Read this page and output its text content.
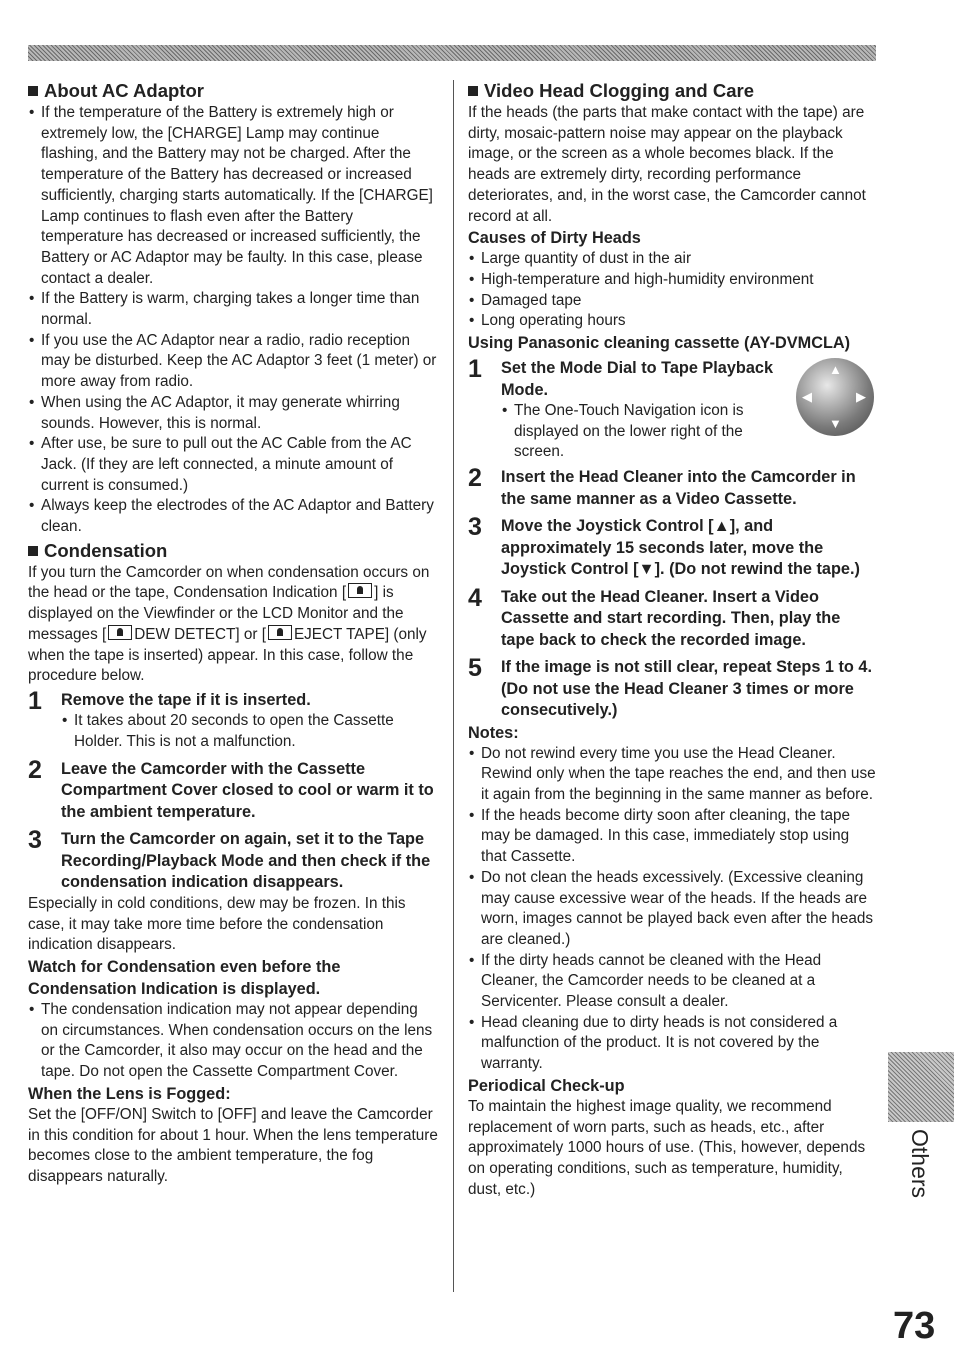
About AC Adaptor
• If the temperature of the Battery is extremely high or extremely low, the [CHARGE] Lamp may continue flashing, and the Battery may not be charged. After the temperature of the Battery has decreased or increased sufficiently, charging starts automatically. If the [CHARGE] Lamp continues to flash even after the Battery temperature has decreased or increased sufficiently, the Battery or AC Adaptor may be faulty. In this case, please contact a dealer.
• If the Battery is warm, charging takes a longer time than normal.
• If you use the AC Adaptor near a radio, radio reception may be disturbed. Keep the AC Adaptor 3 feet (1 meter) or more away from radio.
• When using the AC Adaptor, it may generate whirring sounds. However, this is normal.
• After use, be sure to pull out the AC Cable from the AC Jack. (If they are left connected, a minute amount of current is consumed.)
• Always keep the electrodes of the AC Adaptor and Battery clean.
Condensation

If you turn the Camcorder on when condensation occurs on the head or the tape, Condensation Indication [ ] is displayed on the Viewfinder or the LCD Monitor and the messages [ DEW DETECT] or [ EJECT TAPE] (only when the tape is inserted) appear. In this case, follow the procedure below.

1 Remove the tape if it is inserted.
• It takes about 20 seconds to open the Cassette Holder. This is not a malfunction.
2 Leave the Camcorder with the Cassette Compartment Cover closed to cool or warm it to the ambient temperature.
3 Turn the Camcorder on again, set it to the Tape Recording/Playback Mode and then check if the condensation indication disappears.

Especially in cold conditions, dew may be frozen. In this case, it may take more time before the condensation indication disappears.

Watch for Condensation even before the Condensation Indication is displayed.

• The condensation indication may not appear depending on circumstances. When condensation occurs on the lens or the Camcorder, it also may occur on the head and the tape. Do not open the Cassette Compartment Cover.

When the Lens is Fogged:

Set the [OFF/ON] Switch to [OFF] and leave the Camcorder in this condition for about 1 hour. When the lens temperature becomes close to the ambient temperature, the fog disappears naturally.

Video Head Clogging and Care

If the heads (the parts that make contact with the tape) are dirty, mosaic-pattern noise may appear on the playback image, or the screen as a whole becomes black. If the heads are extremely dirty, recording performance deteriorates, and, in the worst case, the Camcorder cannot record at all.

Causes of Dirty Heads

• Large quantity of dust in the air
• High-temperature and high-humidity environment
• Damaged tape
• Long operating hours

Using Panasonic cleaning cassette (AY-DVMCLA)

1 Set the Mode Dial to Tape Playback Mode.
• The One-Touch Navigation icon is displayed on the lower right of the screen.
▲
◀	▶
▼
2 Insert the Head Cleaner into the Camcorder in the same manner as a Video Cassette.
3 Move the Joystick Control [▲], and approximately 15 seconds later, move the Joystick Control [▼]. (Do not rewind the tape.)
4 Take out the Head Cleaner. Insert a Video Cassette and start recording. Then, play the tape back to check the recorded image.
5 If the image is not still clear, repeat Steps 1 to 4. (Do not use the Head Cleaner 3 times or more consecutively.)

Notes:

• Do not rewind every time you use the Head Cleaner. Rewind only when the tape reaches the end, and then use it again from the beginning in the same manner as before.
• If the heads become dirty soon after cleaning, the tape may be damaged. In this case, immediately stop using that Cassette.
• Do not clean the heads excessively. (Excessive cleaning may cause excessive wear of the heads. If the heads are worn, images cannot be played back even after the heads are cleaned.)
• If the dirty heads cannot be cleaned with the Head Cleaner, the Camcorder needs to be cleaned at a Servicenter. Please consult a dealer.
• Head cleaning due to dirty heads is not considered a malfunction of the product. It is not covered by the warranty.

Periodical Check-up

To maintain the highest image quality, we recommend replacement of worn parts, such as heads, etc., after approximately 1000 hours of use. (This, however, depends on operating conditions, such as temperature, humidity, dust, etc.)	Others
73
